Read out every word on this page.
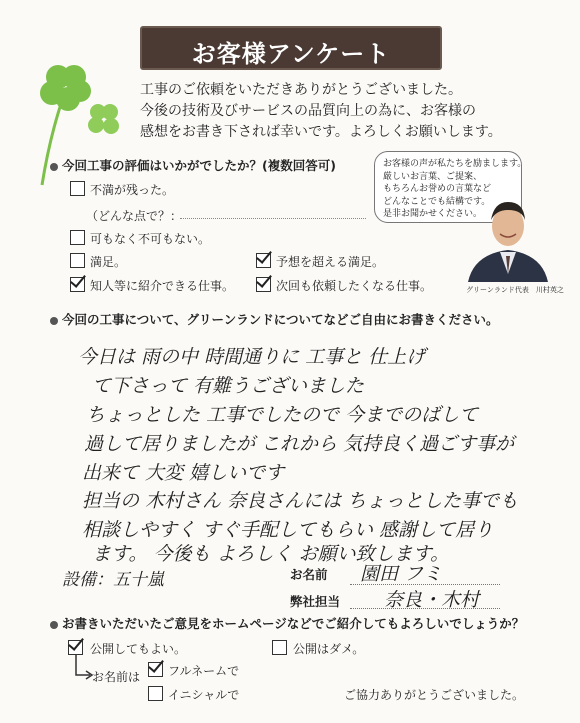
お客様アンケート
工事のご依頼をいただきありがとうございました。
今後の技術及びサービスの品質向上の為に、お客様の
感想をお書き下されば幸いです。よろしくお願いします。
今回工事の評価はいかがでしたか？(複数回答可)
不満が残った。
（どんな点で？：
可もなく不可もない。
満足。	予想を超える満足。
知人等に紹介できる仕事。	次回も依頼したくなる仕事。
お客様の声が私たちを励まします。
厳しいお言葉、ご提案、
もちろんお誉めの言葉など
どんなことでも結構です。
是非お聞かせください。
グリーンランド代表　川村英之
今回の工事について、グリーンランドについてなどご自由にお書きください。
今日は 雨の中 時間通りに 工事と 仕上げ
て下さって 有難うございました
ちょっとした 工事でしたので 今までのばして
過して居りましたが これから 気持良く過ごす事が
出来て 大変 嬉しいです
担当の 木村さん 奈良さんには ちょっとした事でも
相談しやすく すぐ手配してもらい 感謝して居り
ます。 今後も よろしく お願い致します。
設備：五十嵐	お名前 園田 フミ
弊社担当 奈良・木村
お書きいただいたご意見をホームページなどでご紹介してもよろしいでしょうか？
公開してもよい。	公開はダメ。
お名前は フルネームで
イニシャルで	ご協力ありがとうございました。
